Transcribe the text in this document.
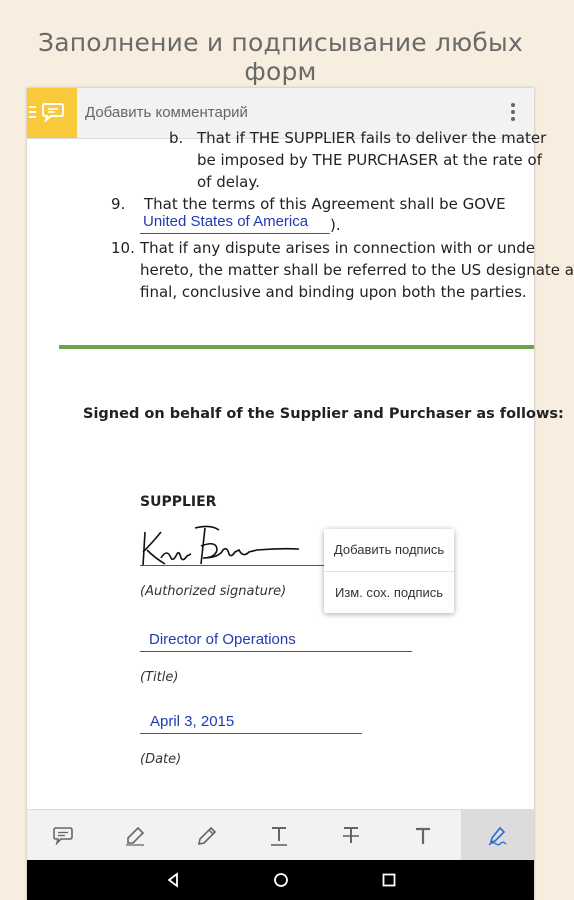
Заполнение и подписывание любых форм
Добавить комментарий
b. That if THE SUPPLIER fails to deliver the mater
be imposed by THE PURCHASER at the rate of
of delay.
9. That the terms of this Agreement shall be GOVE
United States of America ).
10. That if any dispute arises in connection with or unde
hereto, the matter shall be referred to the US designate a
final, conclusive and binding upon both the parties.
Signed on behalf of the Supplier and Purchaser as follows:
SUPPLIER
(Authorized signature)
Director of Operations
(Title)
April 3, 2015
(Date)
Добавить подпись
Изм. сох. подпись
